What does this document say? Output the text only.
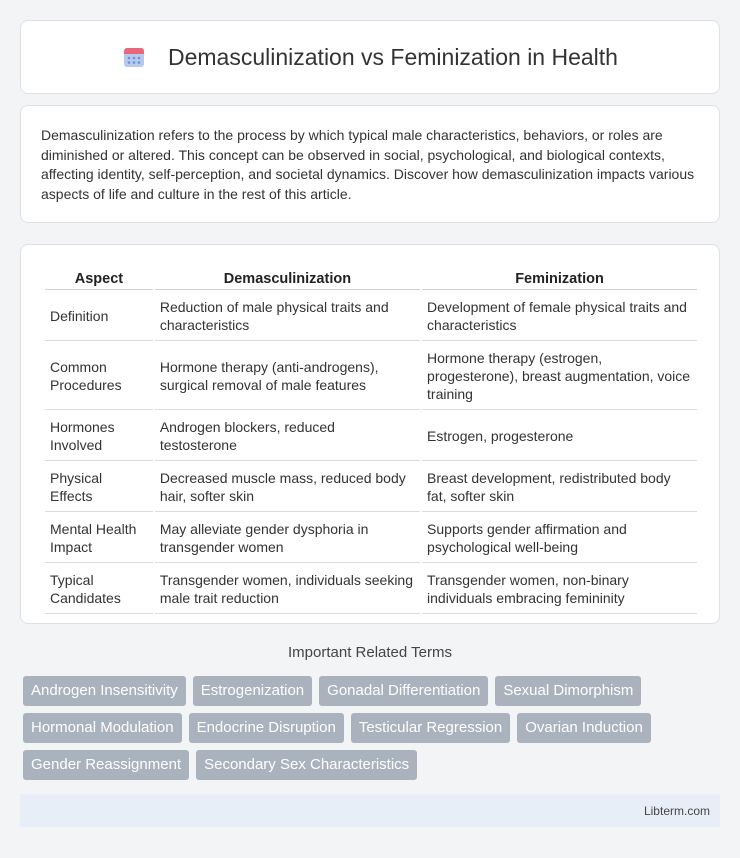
Demasculinization vs Feminization in Health

Demasculinization refers to the process by which typical male characteristics, behaviors, or roles are diminished or altered. This concept can be observed in social, psychological, and biological contexts, affecting identity, self-perception, and societal dynamics. Discover how demasculinization impacts various aspects of life and culture in the rest of this article.

Aspect	Demasculinization	Feminization
Definition	Reduction of male physical traits and characteristics	Development of female physical traits and characteristics
Common Procedures	Hormone therapy (anti-androgens), surgical removal of male features	Hormone therapy (estrogen, progesterone), breast augmentation, voice training
Hormones Involved	Androgen blockers, reduced testosterone	Estrogen, progesterone
Physical Effects	Decreased muscle mass, reduced body hair, softer skin	Breast development, redistributed body fat, softer skin
Mental Health Impact	May alleviate gender dysphoria in transgender women	Supports gender affirmation and psychological well-being
Typical Candidates	Transgender women, individuals seeking male trait reduction	Transgender women, non-binary individuals embracing femininity
Important Related Terms
Androgen Insensitivity	Estrogenization	Gonadal Differentiation	Sexual Dimorphism
Hormonal Modulation	Endocrine Disruption	Testicular Regression	Ovarian Induction
Gender Reassignment	Secondary Sex Characteristics
Libterm.com
